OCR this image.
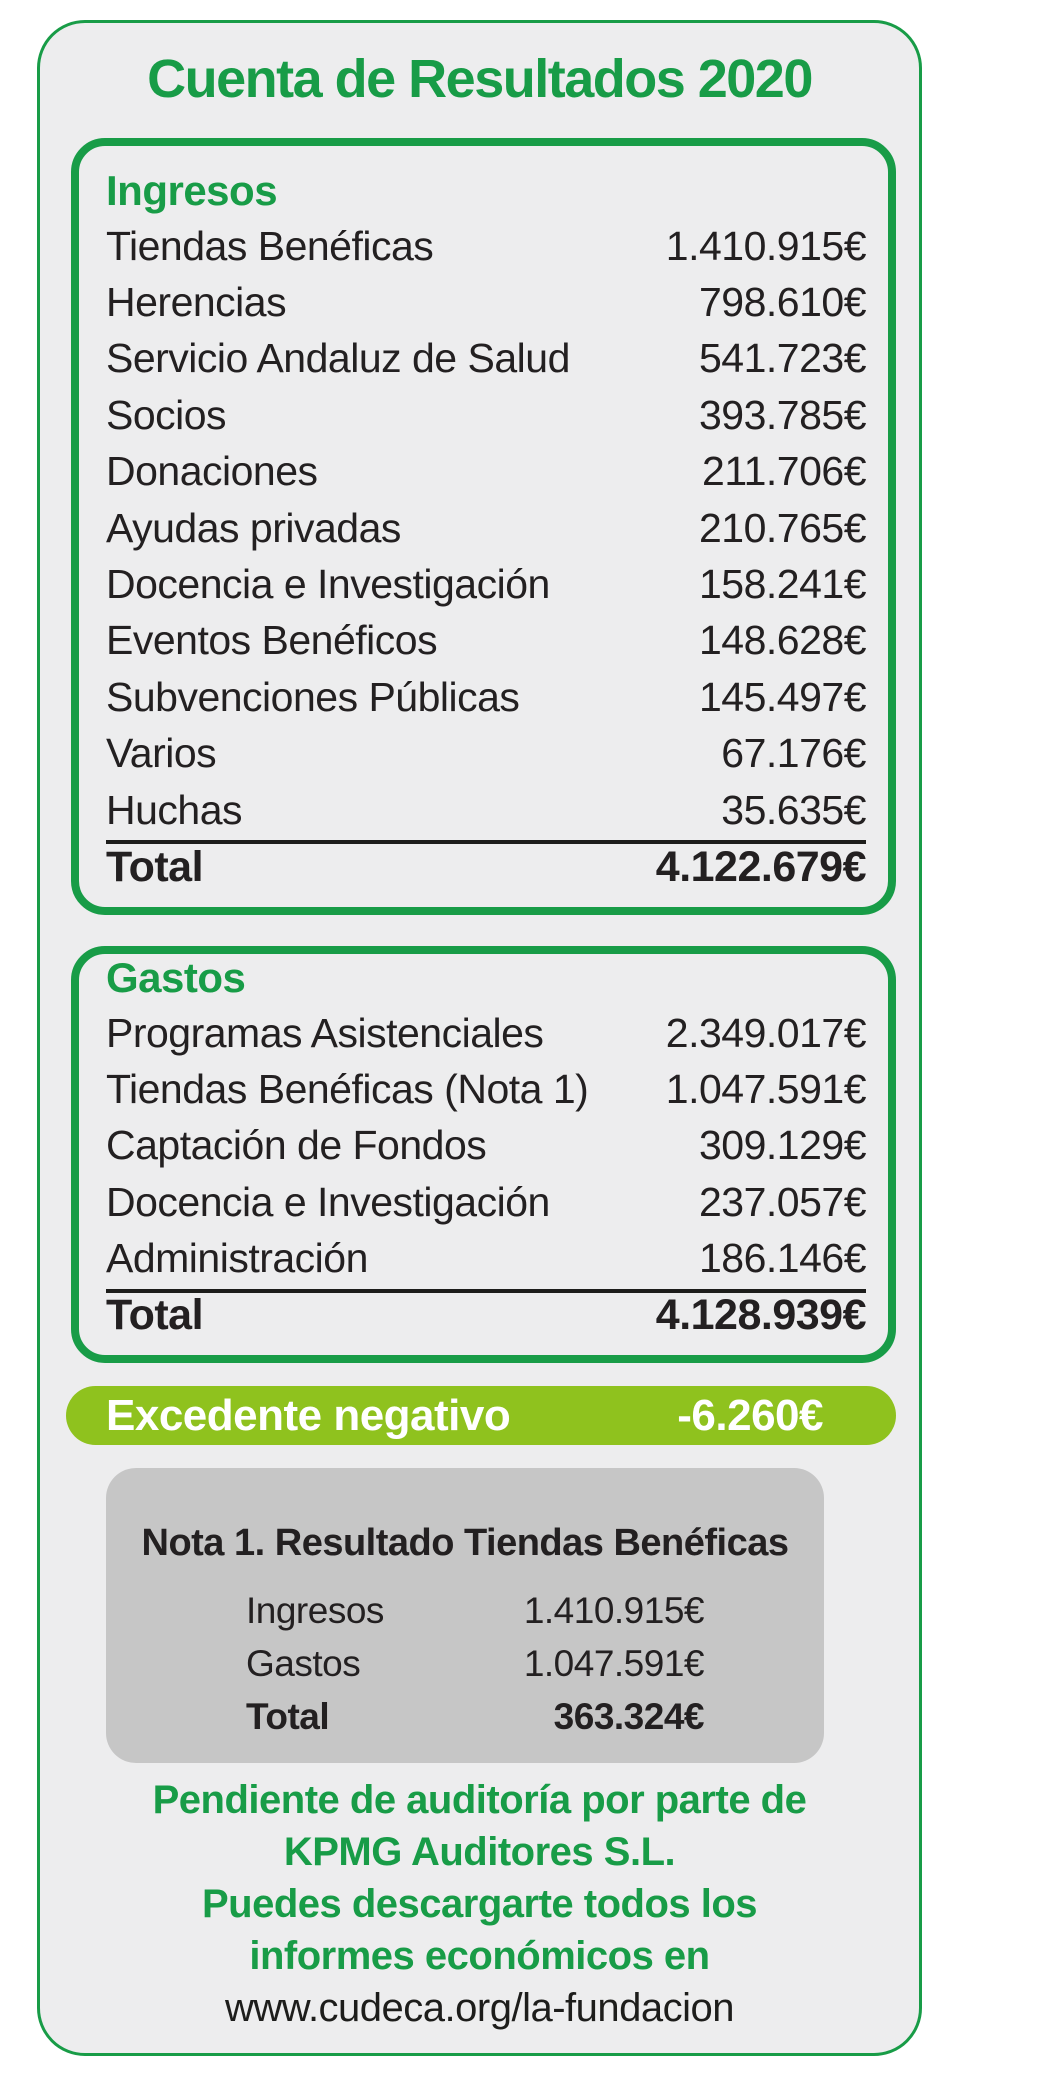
Cuenta de Resultados 2020
Ingresos
Tiendas Benéficas	1.410.915€
Herencias	798.610€
Servicio Andaluz de Salud	541.723€
Socios	393.785€
Donaciones	211.706€
Ayudas privadas	210.765€
Docencia e Investigación	158.241€
Eventos Benéficos	148.628€
Subvenciones Públicas	145.497€
Varios	67.176€
Huchas	35.635€
Total	4.122.679€
Gastos
Programas Asistenciales	2.349.017€
Tiendas Benéficas (Nota 1) 1.047.591€
Captación de Fondos	309.129€
Docencia e Investigación	237.057€
Administración	186.146€
Total	4.128.939€
Excedente negativo	-6.260€
Nota 1. Resultado Tiendas Benéficas
Ingresos	1.410.915€
Gastos	1.047.591€
Total	363.324€
Pendiente de auditoría por parte de
KPMG Auditores S.L.
Puedes descargarte todos los
informes económicos en
www.cudeca.org/la-fundacion
